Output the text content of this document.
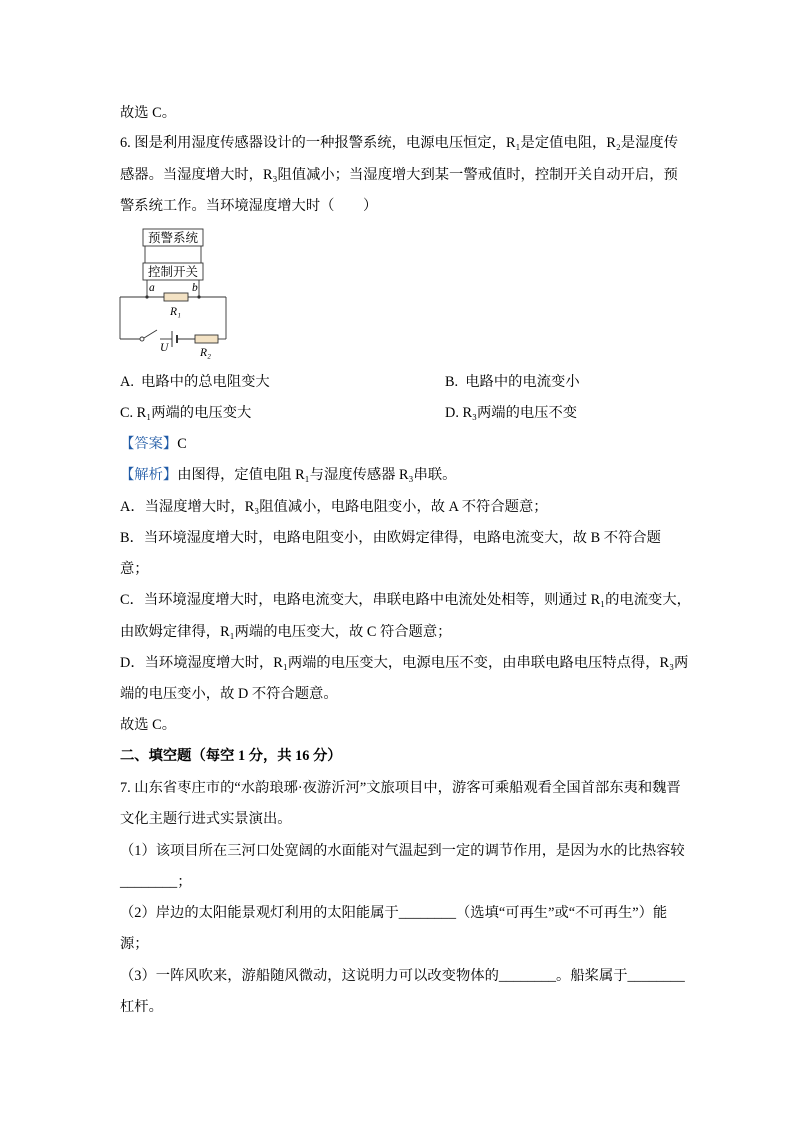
故选 C。
6. 图是利用湿度传感器设计的一种报警系统，电源电压恒定，R₁是定值电阻，R₂是湿度传
感器。当湿度增大时，R₃阻值减小；当湿度增大到某一警戒值时，控制开关自动开启，预
警系统工作。当环境湿度增大时（　　）
预警系统
控制开关
a	b
R₁
U	R₂
A.  电路中的总电阻变大	B.  电路中的电流变小
C. R₁两端的电压变大	D. R₃两端的电压不变
【答案】C
【解析】由图得，定值电阻 R₁与湿度传感器 R₃串联。
A．当湿度增大时，R₃阻值减小，电路电阻变小，故 A 不符合题意；
B．当环境湿度增大时，电路电阻变小，由欧姆定律得，电路电流变大，故 B 不符合题
意；
C．当环境湿度增大时，电路电流变大，串联电路中电流处处相等，则通过 R₁的电流变大，
由欧姆定律得，R₁两端的电压变大，故 C 符合题意；
D．当环境湿度增大时，R₁两端的电压变大，电源电压不变，由串联电路电压特点得，R₃两
端的电压变小，故 D 不符合题意。
故选 C。
二、填空题（每空 1 分，共 16 分）
7. 山东省枣庄市的“水韵琅琊·夜游沂河”文旅项目中，游客可乘船观看全国首部东夷和魏晋
文化主题行进式实景演出。
（1）该项目所在三河口处宽阔的水面能对气温起到一定的调节作用，是因为水的比热容较
________；
（2）岸边的太阳能景观灯利用的太阳能属于________（选填“可再生”或“不可再生”）能
源；
（3）一阵风吹来，游船随风微动，这说明力可以改变物体的________。船桨属于________
杠杆。
